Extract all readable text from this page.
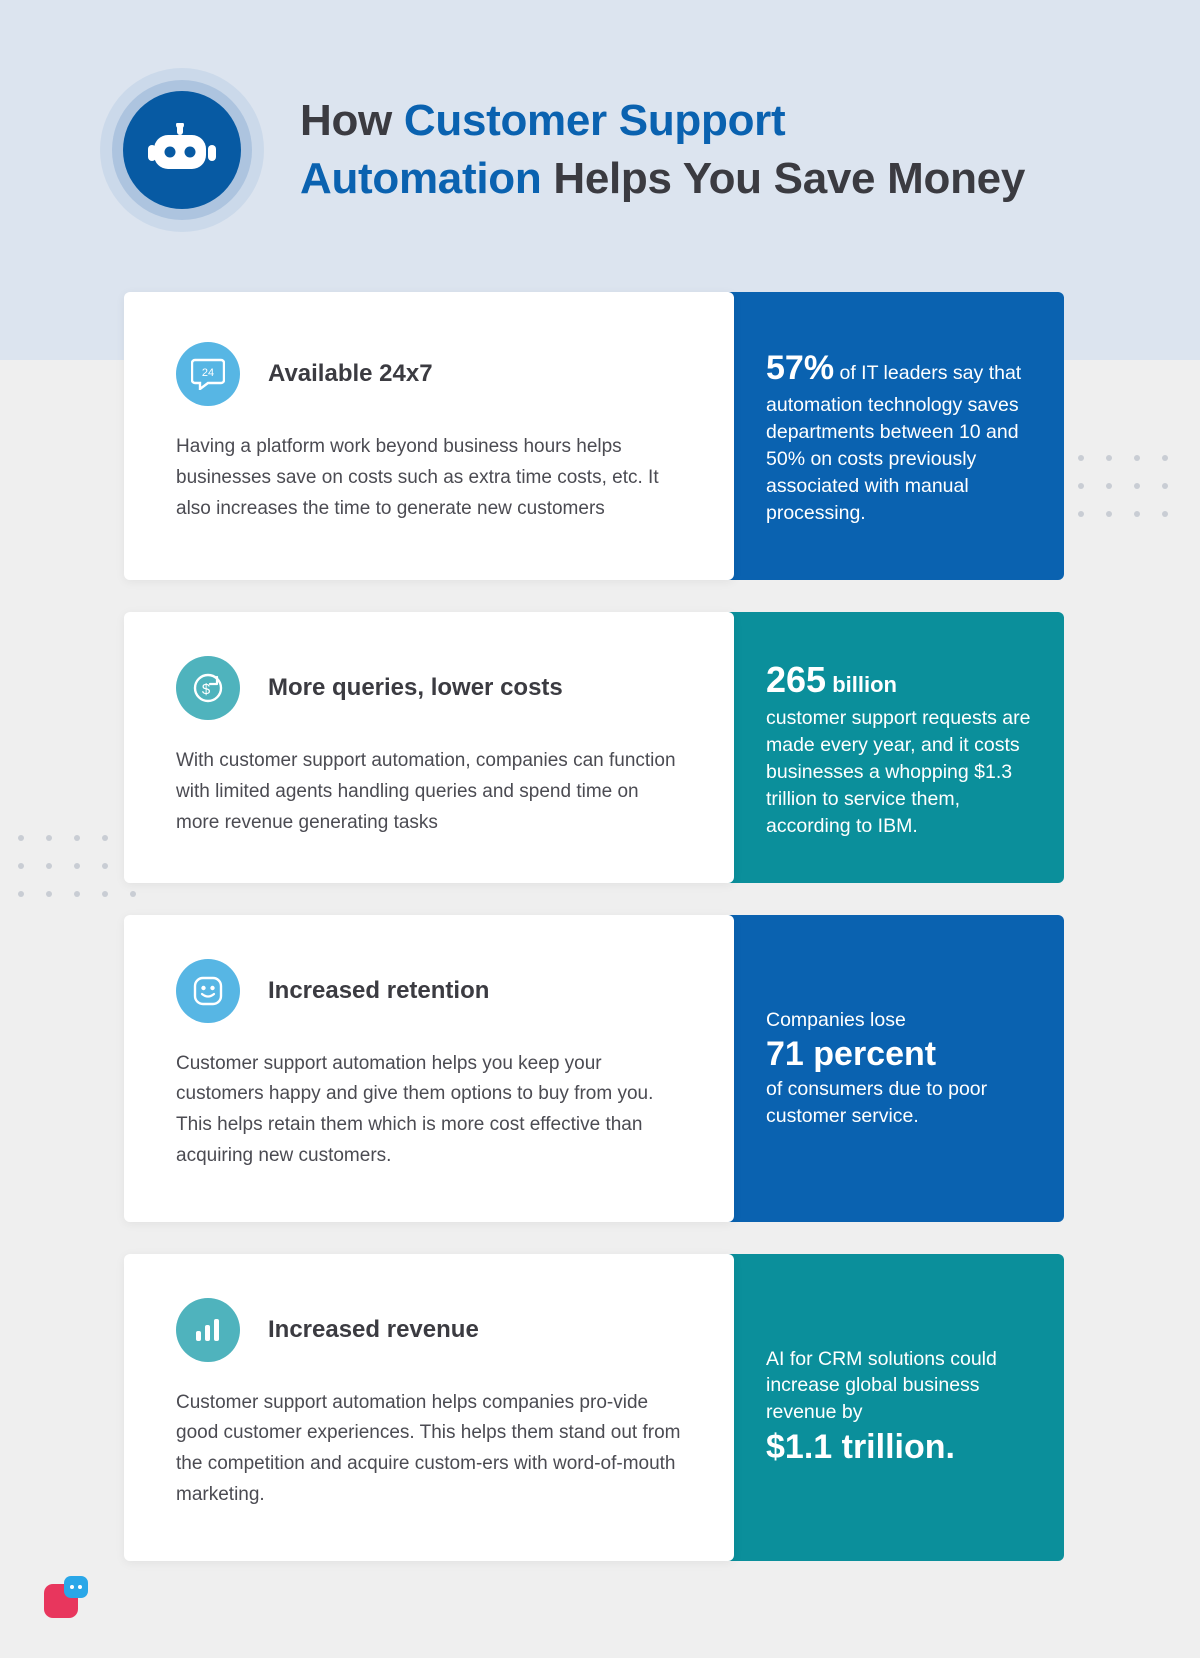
How Customer Support
Automation Helps You Save Money
24 Available 24x7
Having a platform work beyond business hours helps businesses save on costs such as extra time costs, etc. It also increases the time to generate new customers

57% of IT leaders say that automation technology saves departments between 10 and 50% on costs previously associated with manual processing.

$ More queries, lower costs
With customer support automation, companies can function with limited agents handling queries and spend time on more revenue generating tasks

265 billion
customer support requests are made every year, and it costs businesses a whopping $1.3 trillion to service them, according to IBM.

Increased retention
Customer support automation helps you keep your customers happy and give them options to buy from you. This helps retain them which is more cost effective than acquiring new customers.

Companies lose
71 percent
of consumers due to poor customer service.

Increased revenue
Customer support automation helps companies pro-vide good customer experiences. This helps them stand out from the competition and acquire custom-ers with word-of-mouth marketing.

AI for CRM solutions could increase global business revenue by
$1.1 trillion.
